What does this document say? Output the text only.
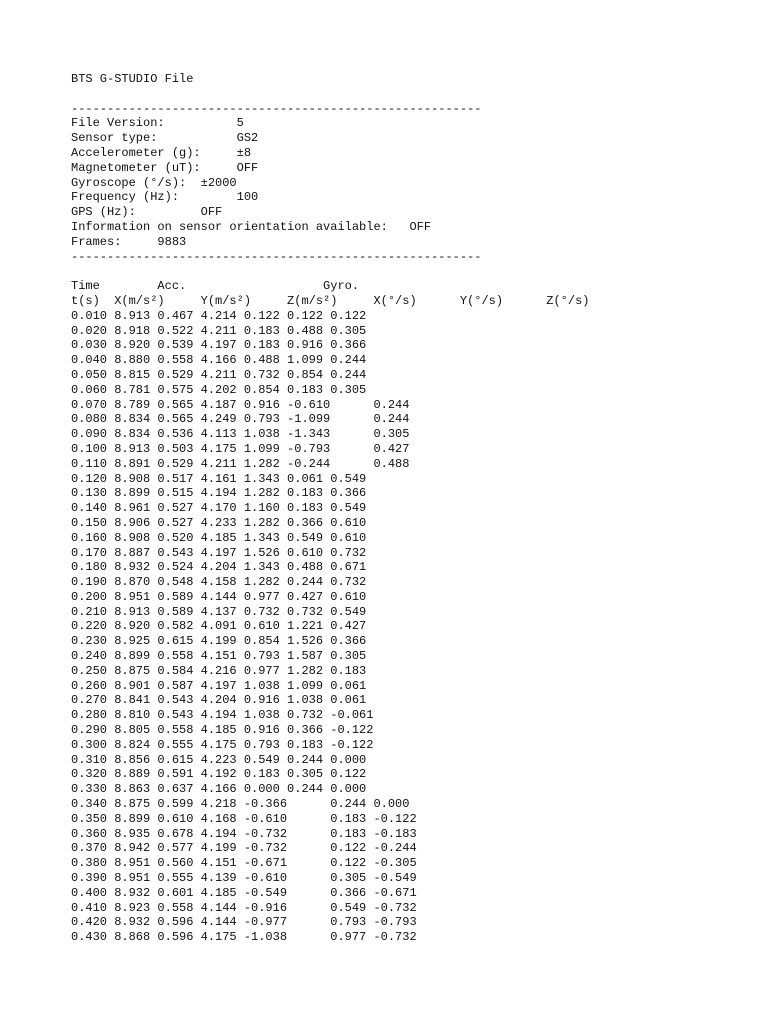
BTS G-STUDIO File
---------------------------------------------------------
File Version:          5
Sensor type:           GS2
Accelerometer (g):     ±8
Magnetometer (uT):     OFF
Gyroscope (°/s):  ±2000
Frequency (Hz):        100
GPS (Hz):         OFF
Information on sensor orientation available:   OFF
Frames:     9883
---------------------------------------------------------
Time        Acc.                   Gyro.
t(s)  X(m/s²)     Y(m/s²)     Z(m/s²)     X(°/s)      Y(°/s)      Z(°/s)
0.010 8.913 0.467 4.214 0.122 0.122 0.122
0.020 8.918 0.522 4.211 0.183 0.488 0.305
0.030 8.920 0.539 4.197 0.183 0.916 0.366
0.040 8.880 0.558 4.166 0.488 1.099 0.244
0.050 8.815 0.529 4.211 0.732 0.854 0.244
0.060 8.781 0.575 4.202 0.854 0.183 0.305
0.070 8.789 0.565 4.187 0.916 -0.610      0.244
0.080 8.834 0.565 4.249 0.793 -1.099      0.244
0.090 8.834 0.536 4.113 1.038 -1.343      0.305
0.100 8.913 0.503 4.175 1.099 -0.793      0.427
0.110 8.891 0.529 4.211 1.282 -0.244      0.488
0.120 8.908 0.517 4.161 1.343 0.061 0.549
0.130 8.899 0.515 4.194 1.282 0.183 0.366
0.140 8.961 0.527 4.170 1.160 0.183 0.549
0.150 8.906 0.527 4.233 1.282 0.366 0.610
0.160 8.908 0.520 4.185 1.343 0.549 0.610
0.170 8.887 0.543 4.197 1.526 0.610 0.732
0.180 8.932 0.524 4.204 1.343 0.488 0.671
0.190 8.870 0.548 4.158 1.282 0.244 0.732
0.200 8.951 0.589 4.144 0.977 0.427 0.610
0.210 8.913 0.589 4.137 0.732 0.732 0.549
0.220 8.920 0.582 4.091 0.610 1.221 0.427
0.230 8.925 0.615 4.199 0.854 1.526 0.366
0.240 8.899 0.558 4.151 0.793 1.587 0.305
0.250 8.875 0.584 4.216 0.977 1.282 0.183
0.260 8.901 0.587 4.197 1.038 1.099 0.061
0.270 8.841 0.543 4.204 0.916 1.038 0.061
0.280 8.810 0.543 4.194 1.038 0.732 -0.061
0.290 8.805 0.558 4.185 0.916 0.366 -0.122
0.300 8.824 0.555 4.175 0.793 0.183 -0.122
0.310 8.856 0.615 4.223 0.549 0.244 0.000
0.320 8.889 0.591 4.192 0.183 0.305 0.122
0.330 8.863 0.637 4.166 0.000 0.244 0.000
0.340 8.875 0.599 4.218 -0.366      0.244 0.000
0.350 8.899 0.610 4.168 -0.610      0.183 -0.122
0.360 8.935 0.678 4.194 -0.732      0.183 -0.183
0.370 8.942 0.577 4.199 -0.732      0.122 -0.244
0.380 8.951 0.560 4.151 -0.671      0.122 -0.305
0.390 8.951 0.555 4.139 -0.610      0.305 -0.549
0.400 8.932 0.601 4.185 -0.549      0.366 -0.671
0.410 8.923 0.558 4.144 -0.916      0.549 -0.732
0.420 8.932 0.596 4.144 -0.977      0.793 -0.793
0.430 8.868 0.596 4.175 -1.038      0.977 -0.732
